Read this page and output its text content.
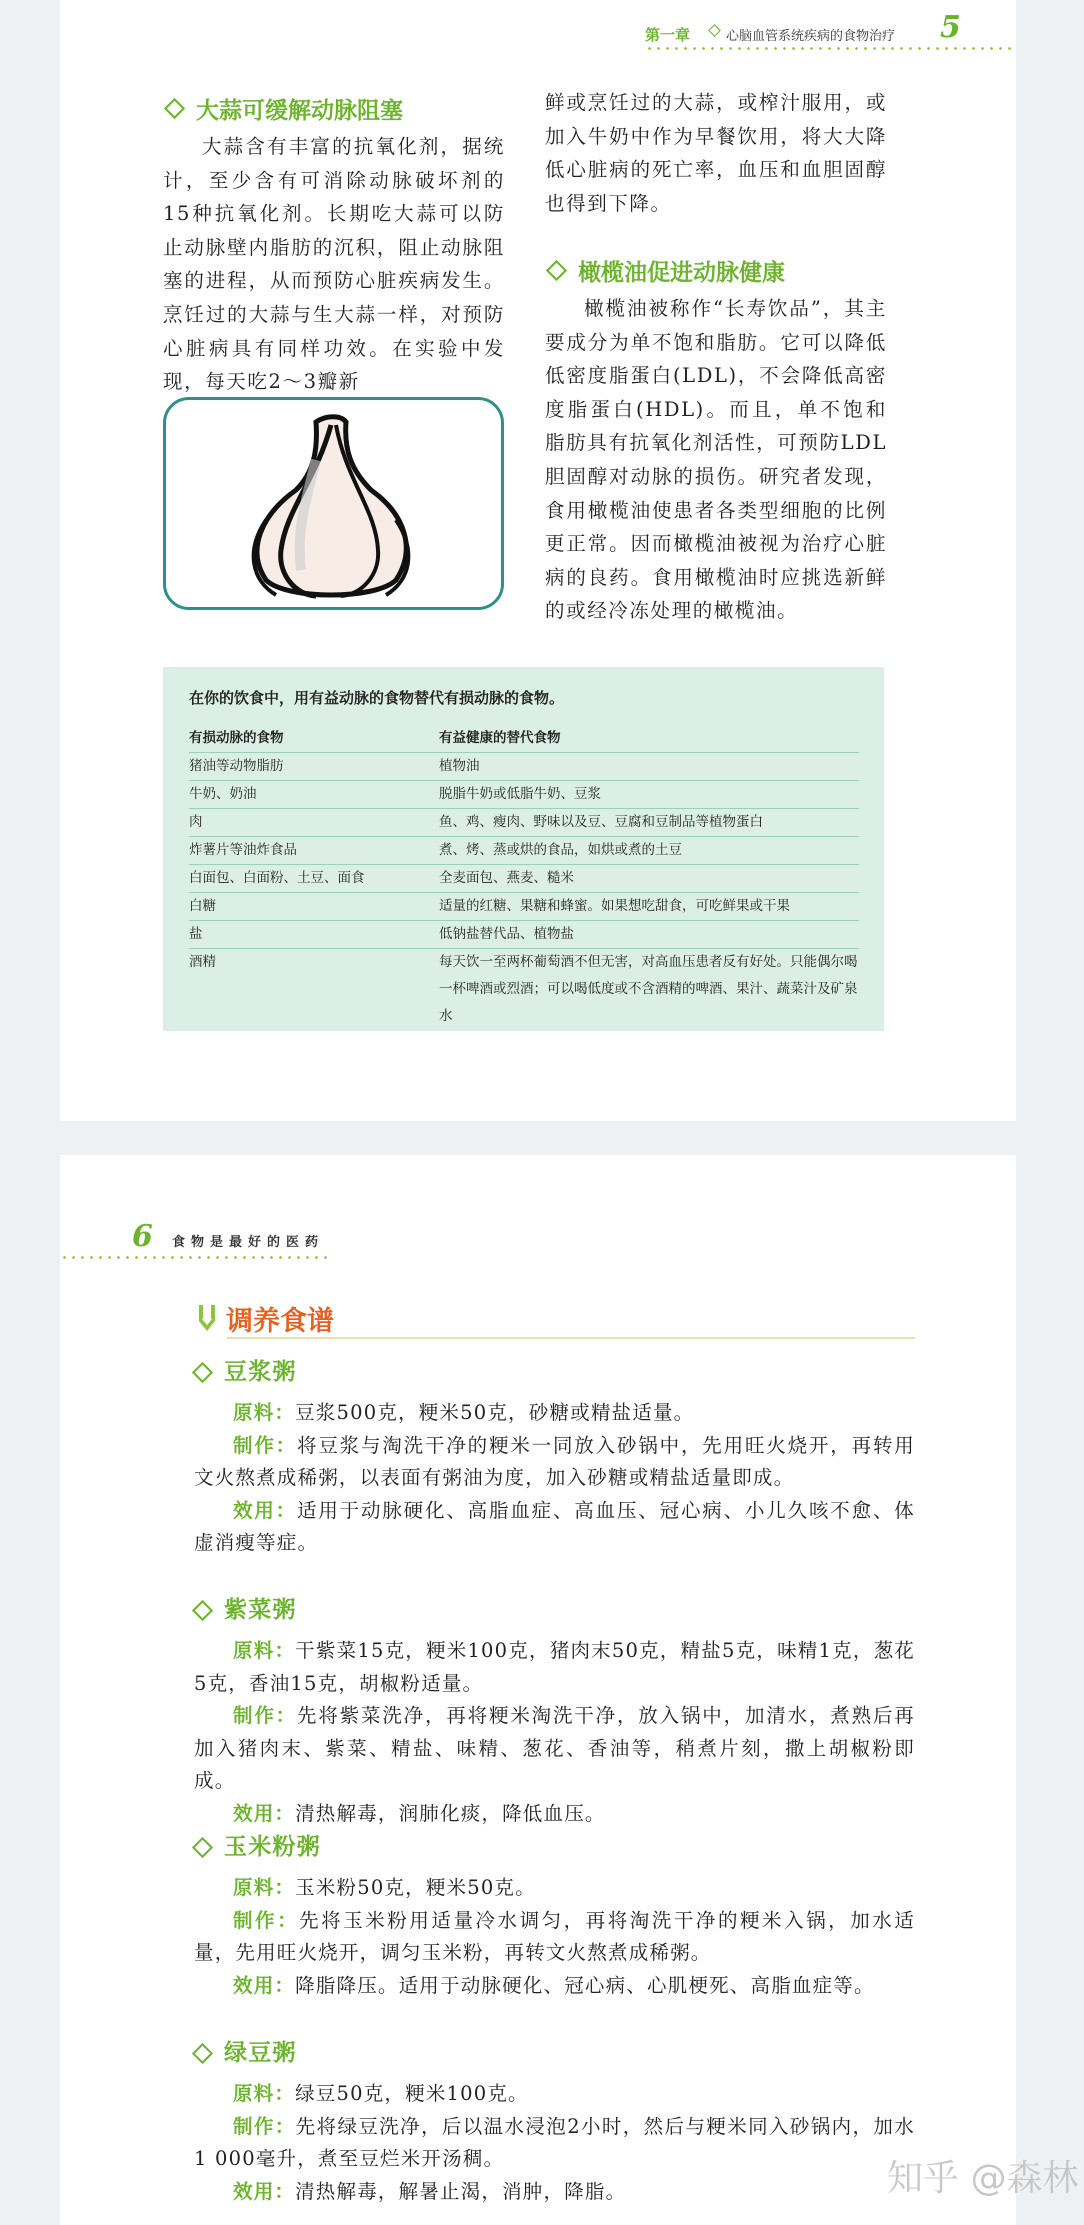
第一章	心脑血管系统疾病的食物治疗 5
大蒜可缓解动脉阻塞

大蒜含有丰富的抗氧化剂，据统计，至少含有可消除动脉破坏剂的15种抗氧化剂。长期吃大蒜可以防止动脉壁内脂肪的沉积，阻止动脉阻塞的进程，从而预防心脏疾病发生。烹饪过的大蒜与生大蒜一样，对预防心脏病具有同样功效。在实验中发现，每天吃2～3瓣新

鲜或烹饪过的大蒜，或榨汁服用，或加入牛奶中作为早餐饮用，将大大降低心脏病的死亡率，血压和血胆固醇也得到下降。

橄榄油促进动脉健康

橄榄油被称作“长寿饮品”，其主要成分为单不饱和脂肪。它可以降低低密度脂蛋白(LDL)，不会降低高密度脂蛋白(HDL)。而且，单不饱和脂肪具有抗氧化剂活性，可预防LDL胆固醇对动脉的损伤。研究者发现，食用橄榄油使患者各类型细胞的比例更正常。因而橄榄油被视为治疗心脏病的良药。食用橄榄油时应挑选新鲜的或经冷冻处理的橄榄油。

在你的饮食中，用有益动脉的食物替代有损动脉的食物。
有损动脉的食物	有益健康的替代食物
猪油等动物脂肪	植物油
牛奶、奶油	脱脂牛奶或低脂牛奶、豆浆
肉	鱼、鸡、瘦肉、野味以及豆、豆腐和豆制品等植物蛋白
炸薯片等油炸食品	煮、烤、蒸或烘的食品，如烘或煮的土豆
白面包、白面粉、土豆、面食	全麦面包、燕麦、糙米
白糖	适量的红糖、果糖和蜂蜜。如果想吃甜食，可吃鲜果或干果
盐	低钠盐替代品、植物盐
酒精	每天饮一至两杯葡萄酒不但无害，对高血压患者反有好处。只能偶尔喝一杯啤酒或烈酒；可以喝低度或不含酒精的啤酒、果汁、蔬菜汁及矿泉水
6 食物是最好的医药
调养食谱
豆浆粥

原料：豆浆500克，粳米50克，砂糖或精盐适量。

制作：将豆浆与淘洗干净的粳米一同放入砂锅中，先用旺火烧开，再转用文火熬煮成稀粥，以表面有粥油为度，加入砂糖或精盐适量即成。

效用：适用于动脉硬化、高脂血症、高血压、冠心病、小儿久咳不愈、体虚消瘦等症。

紫菜粥

原料：干紫菜15克，粳米100克，猪肉末50克，精盐5克，味精1克，葱花5克，香油15克，胡椒粉适量。

制作：先将紫菜洗净，再将粳米淘洗干净，放入锅中，加清水，煮熟后再加入猪肉末、紫菜、精盐、味精、葱花、香油等，稍煮片刻，撒上胡椒粉即成。

效用：清热解毒，润肺化痰，降低血压。

玉米粉粥

原料：玉米粉50克，粳米50克。

制作：先将玉米粉用适量冷水调匀，再将淘洗干净的粳米入锅，加水适量，先用旺火烧开，调匀玉米粉，再转文火熬煮成稀粥。

效用：降脂降压。适用于动脉硬化、冠心病、心肌梗死、高脂血症等。

绿豆粥

原料：绿豆50克，粳米100克。

制作：先将绿豆洗净，后以温水浸泡2小时，然后与粳米同入砂锅内，加水1 000毫升，煮至豆烂米开汤稠。

效用：清热解毒，解暑止渴，消肿，降脂。	知乎 @森林
